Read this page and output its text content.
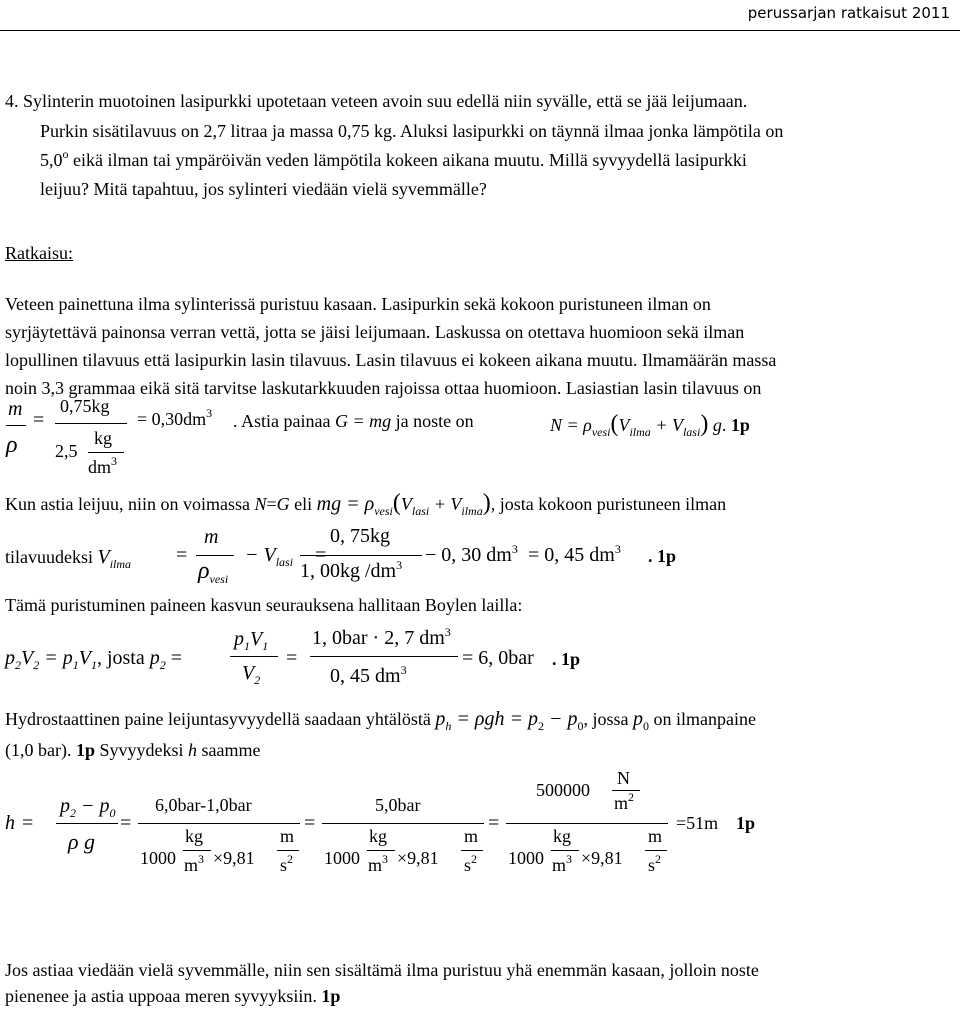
perussarjan ratkaisut 2011
4. Sylinterin muotoinen lasipurkki upotetaan veteen avoin suu edellä niin syvälle, että se jää leijumaan.
Purkin sisätilavuus on 2,7 litraa ja massa 0,75 kg. Aluksi lasipurkki on täynnä ilmaa jonka lämpötila on
5,0$^o$ eikä ilman tai ympäröivän veden lämpötila kokeen aikana muutu. Millä syvyydellä lasipurkki
leijuu? Mitä tapahtuu, jos sylinteri viedään vielä syvemmälle?
Ratkaisu:
Veteen painettuna ilma sylinterissä puristuu kasaan. Lasipurkin sekä kokoon puristuneen ilman on
syrjäytettävä painonsa verran vettä, jotta se jäisi leijumaan. Laskussa on otettava huomioon sekä ilman
lopullinen tilavuus että lasipurkin lasin tilavuus. Lasin tilavuus ei kokeen aikana muutu. Ilmamäärän massa
noin 3,3 grammaa eikä sitä tarvitse laskutarkkuuden rajoissa ottaa huomioon. Lasiastian lasin tilavuus on
m
ρ
=
0,75kg
2,5
kg
$dm^3$
= $0,30dm^3$ . Astia painaa G = mg ja noste on	$N = \rho_{vesi}(V_{ilma} + V_{lasi})$ g. 1p
Kun astia leijuu, niin on voimassa N=G eli mg = $\rho_{vesi}(V_{lasi} + V_{ilma})$, josta kokoon puristuneen ilman
tilavuudeksi $V_{ilma}$ =
m
$\rho_{vesi}$
− $V_{lasi}$ =
0, 75kg
1, 00kg $/dm^3 - 0$, 30 $dm^3 = 0$, 45 $dm^3$ . 1p
Tämä puristuminen paineen kasvun seurauksena hallitaan Boylen lailla:
$p_2V_2 = p_1V_1$, josta $p_2$ =
$p_1V_1$
$V_2$
=
1, 0bar · 2, 7 $dm^3$
0, 45 $dm^3$
= 6, 0bar . 1p
Hydrostaattinen paine leijuntasyvyydellä saadaan yhtälöstä $p_h = \rho gh = p_2 - p_0$, jossa $p_0$ on ilmanpaine
(1,0 bar). 1p Syvyydeksi h saamme
h =
$p_2 - p_0$
ρ g
=
6,0bar-1,0bar
1000
kg
$m^3 \times 9,81$
m
$s^2$
=
5,0bar
1000
kg
$m^3 \times 9,81$
m
$s^2$
=
500000
N
$m^2$
1000
kg
$m^3 \times 9,81$
m
$s^2$
=51m 1p
Jos astiaa viedään vielä syvemmälle, niin sen sisältämä ilma puristuu yhä enemmän kasaan, jolloin noste
pienenee ja astia uppoaa meren syvyyksiin. 1p
